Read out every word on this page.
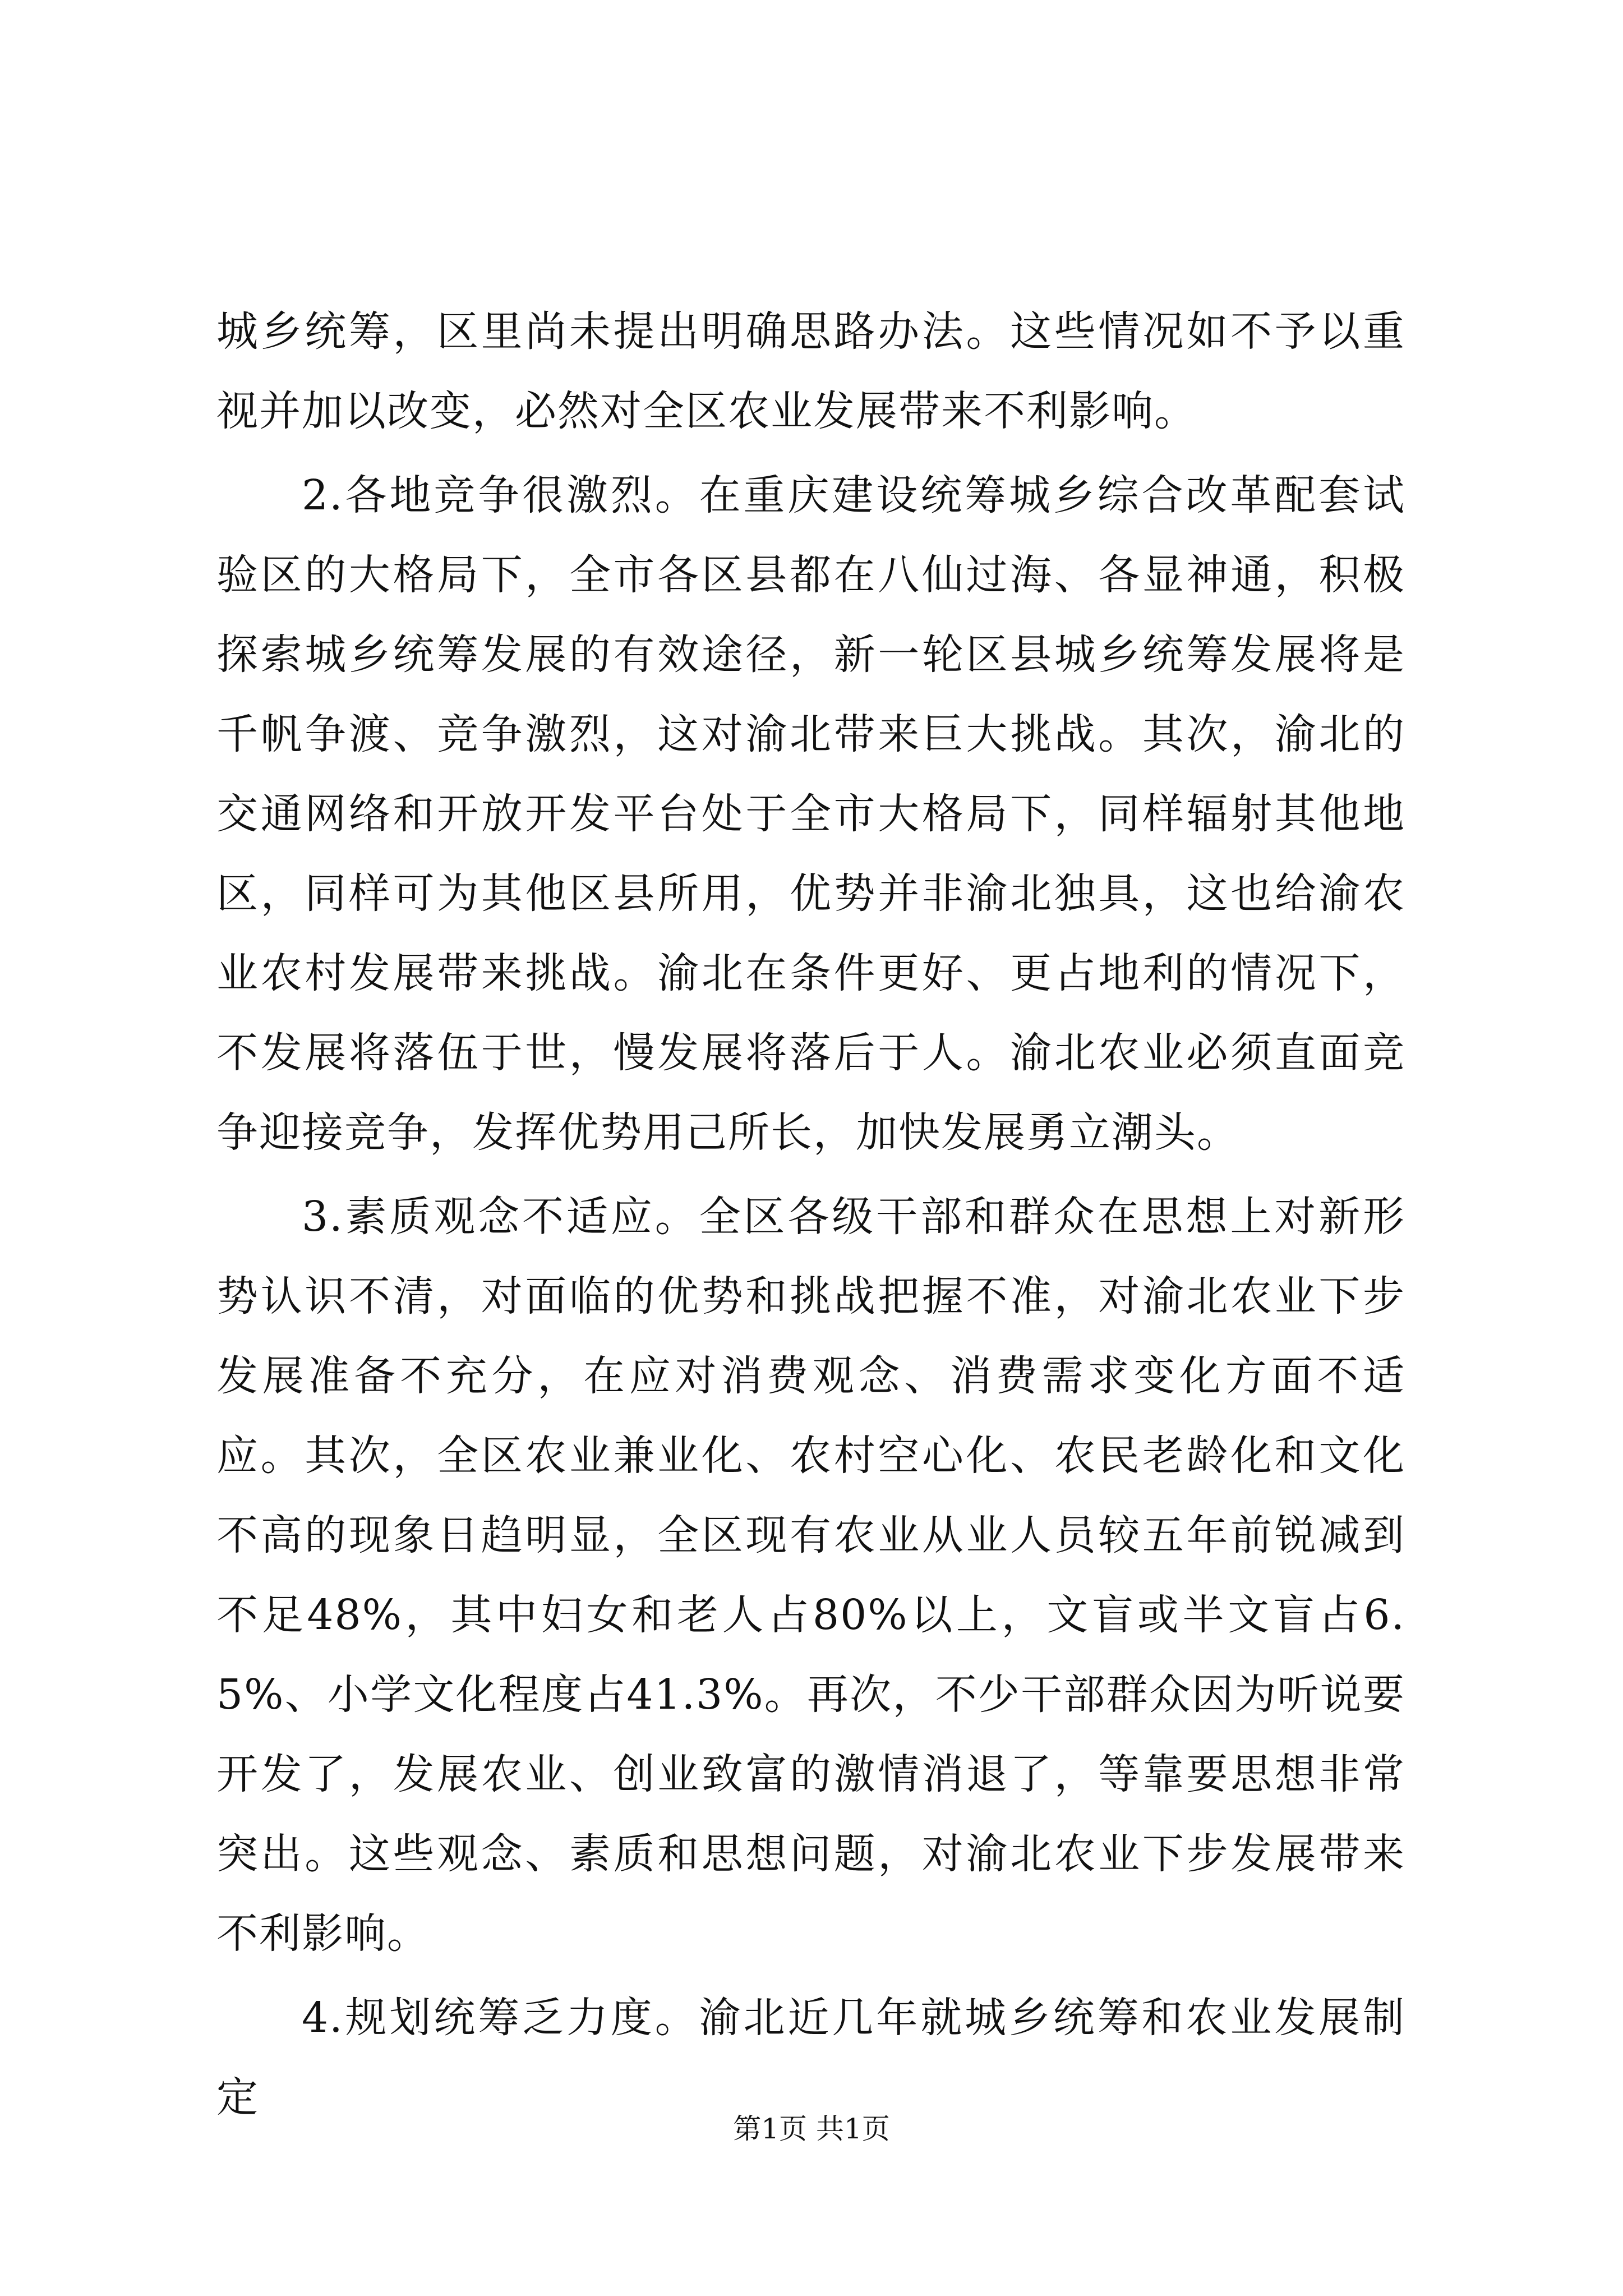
城乡统筹，区里尚未提出明确思路办法。这些情况如不予以重视并加以改变，必然对全区农业发展带来不利影响。

2.各地竞争很激烈。在重庆建设统筹城乡综合改革配套试验区的大格局下，全市各区县都在八仙过海、各显神通，积极探索城乡统筹发展的有效途径，新一轮区县城乡统筹发展将是千帆争渡、竞争激烈，这对渝北带来巨大挑战。其次，渝北的交通网络和开放开发平台处于全市大格局下，同样辐射其他地区，同样可为其他区县所用，优势并非渝北独具，这也给渝农业农村发展带来挑战。渝北在条件更好、更占地利的情况下，不发展将落伍于世，慢发展将落后于人。渝北农业必须直面竞争迎接竞争，发挥优势用己所长，加快发展勇立潮头。

3.素质观念不适应。全区各级干部和群众在思想上对新形势认识不清，对面临的优势和挑战把握不准，对渝北农业下步发展准备不充分，在应对消费观念、消费需求变化方面不适应。其次，全区农业兼业化、农村空心化、农民老龄化和文化不高的现象日趋明显，全区现有农业从业人员较五年前锐减到不足48%，其中妇女和老人占80%以上，文盲或半文盲占6.5%、小学文化程度占41.3%。再次，不少干部群众因为听说要开发了，发展农业、创业致富的激情消退了，等靠要思想非常突出。这些观念、素质和思想问题，对渝北农业下步发展带来不利影响。

4.规划统筹乏力度。渝北近几年就城乡统筹和农业发展制定

第1页 共1页
